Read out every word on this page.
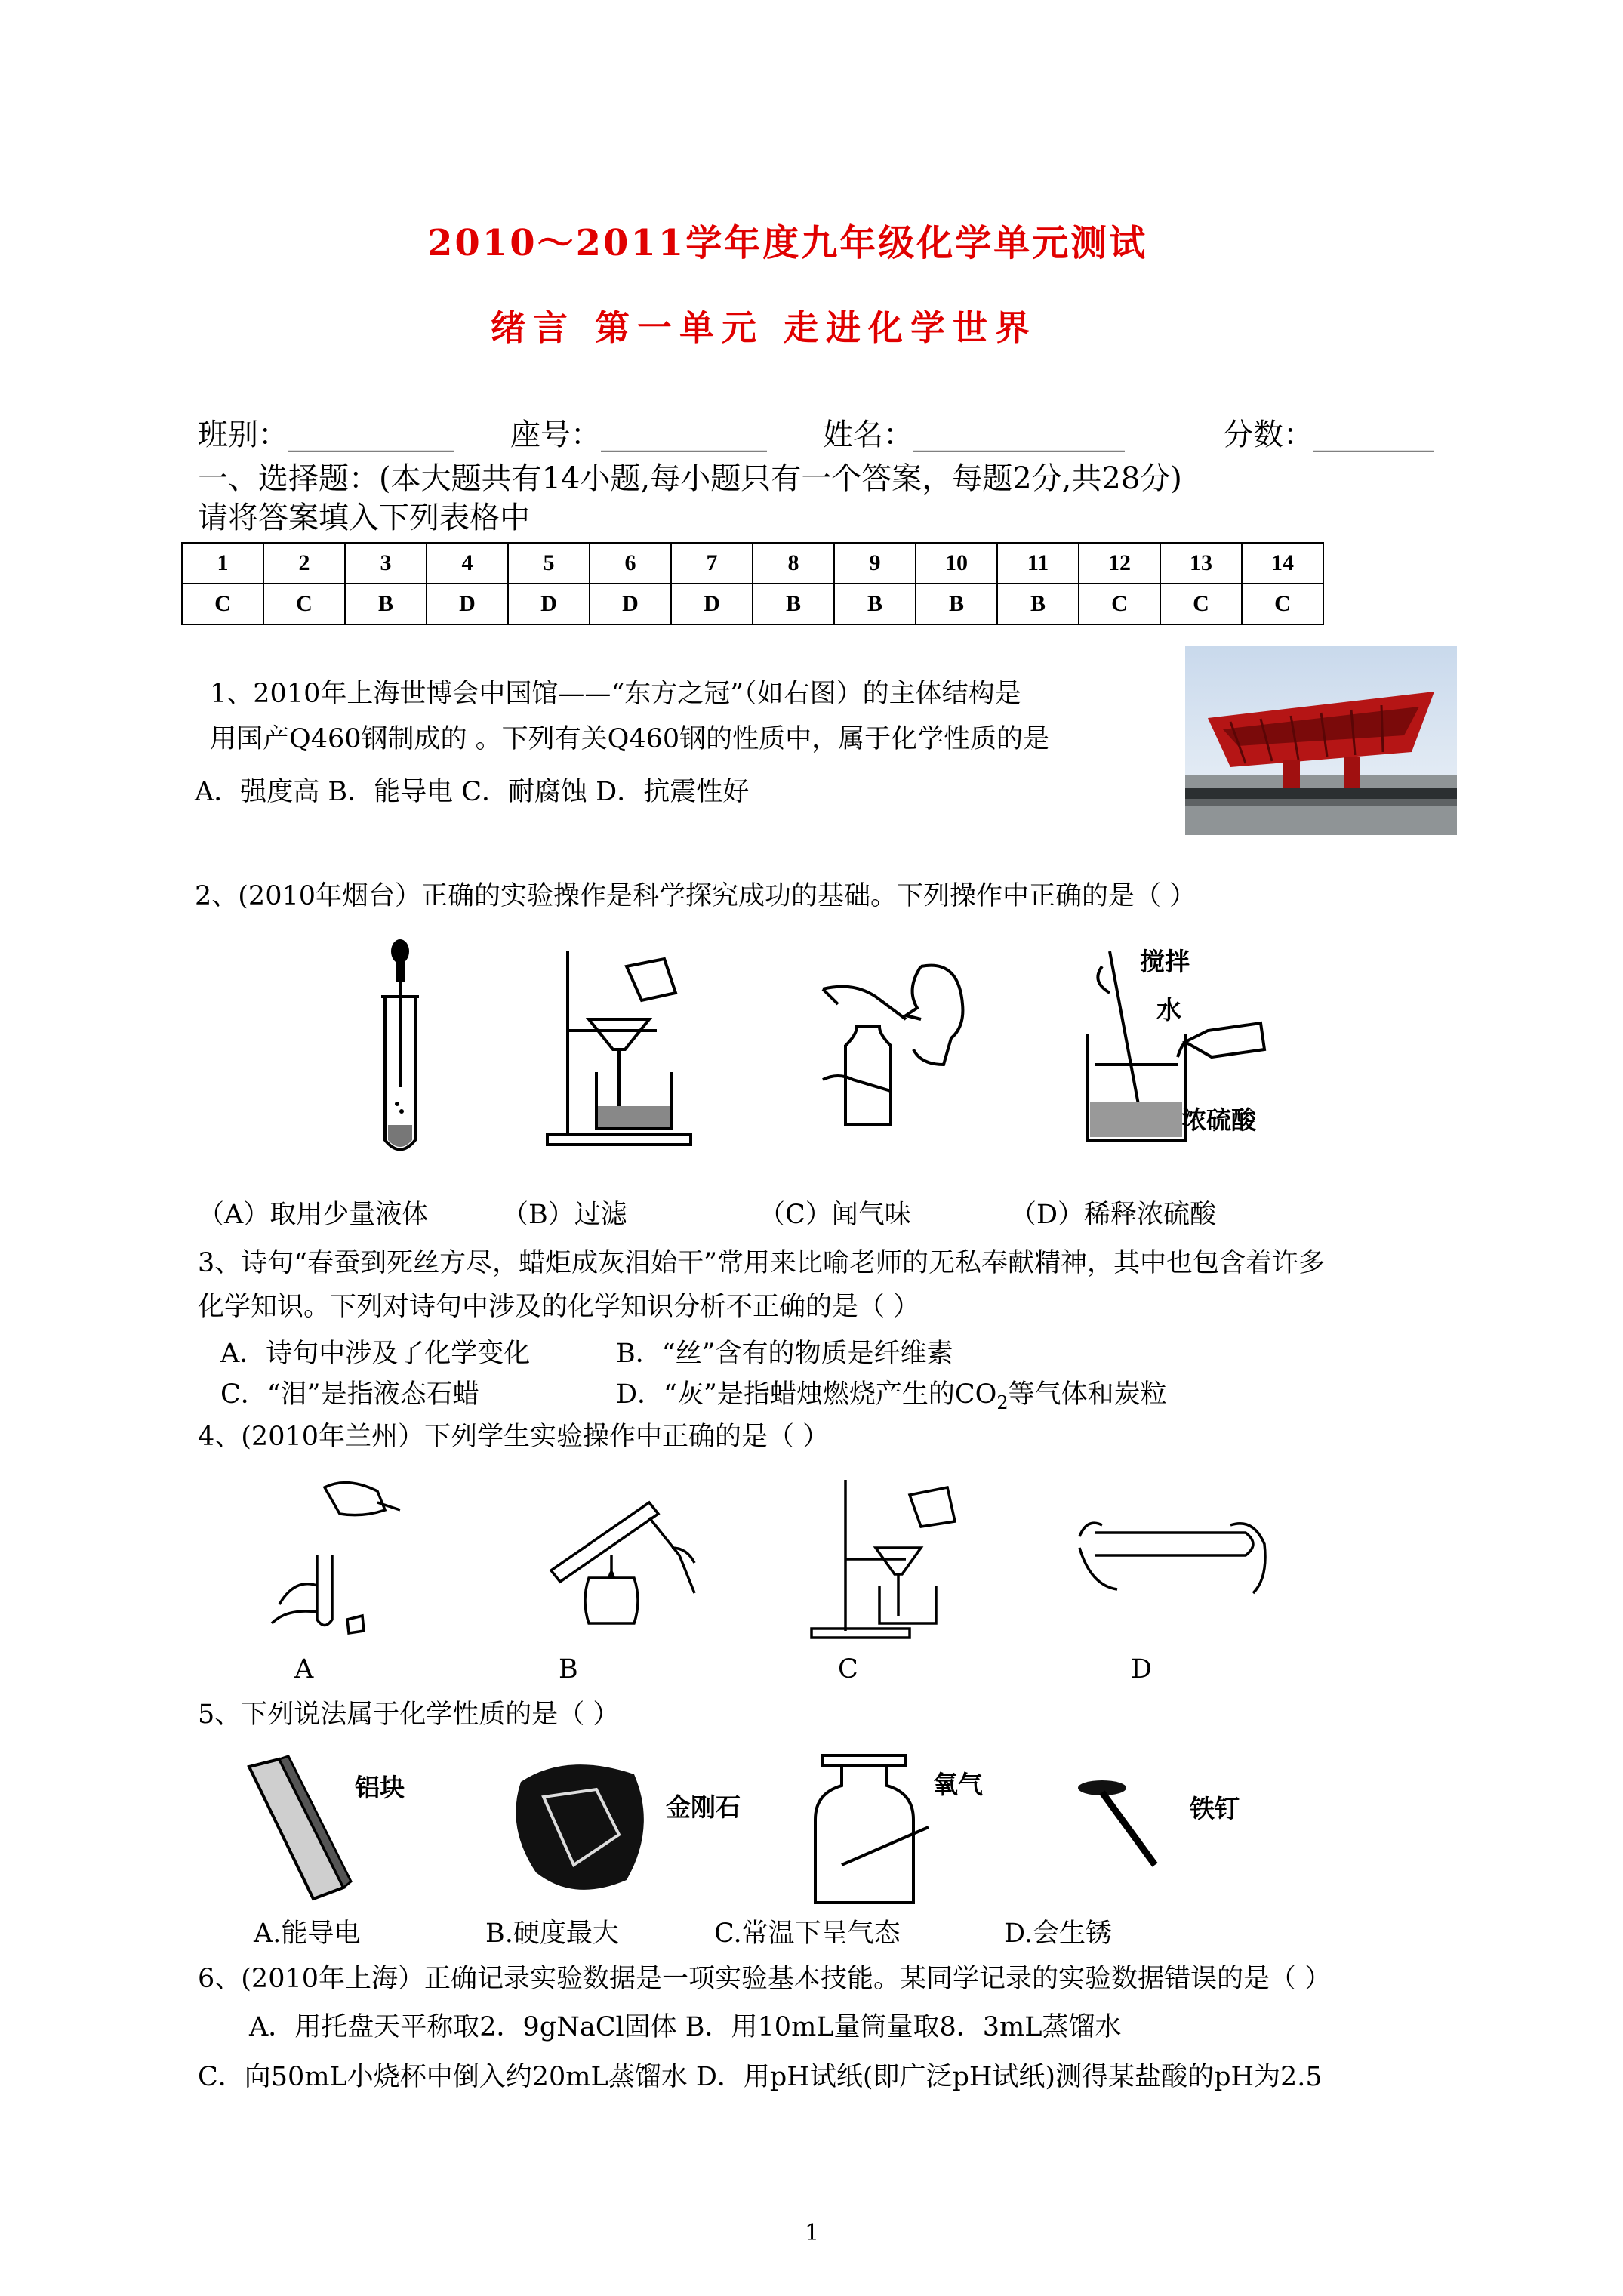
2010～2011学年度九年级化学单元测试
绪言 第一单元 走进化学世界
班别：___________ 座号：___________ 姓名：______________	分数：________
一、选择题：(本大题共有14小题,每小题只有一个答案，每题2分,共28分)
请将答案填入下列表格中
1	2	3	4	5	6	7	8	9	10	11	12	13	14
C	C	B	D	D	D	D	B	B	B	B	C	C	C
1、2010年上海世博会中国馆——“东方之冠”（如右图）的主体结构是
用国产Q460钢制成的 。下列有关Q460钢的性质中，属于化学性质的是
A．强度高 B．能导电 C．耐腐蚀 D．抗震性好
2、(2010年烟台）正确的实验操作是科学探究成功的基础。下列操作中正确的是（ ）
搅拌
水
浓硫酸
（A）取用少量液体	（B）过滤	（C）闻气味	（D）稀释浓硫酸
3、诗句“春蚕到死丝方尽，蜡炬成灰泪始干”常用来比喻老师的无私奉献精神，其中也包含着许多
化学知识。下列对诗句中涉及的化学知识分析不正确的是（ ）
A．诗句中涉及了化学变化	B．“丝”含有的物质是纤维素
C．“泪”是指液态石蜡	D．“灰”是指蜡烛燃烧产生的$CO_2$等气体和炭粒
4、(2010年兰州）下列学生实验操作中正确的是（ ）
A	B	C	D
5、下列说法属于化学性质的是（ ）
铝块
金刚石
氧气
铁钉
A.能导电	B.硬度最大	C.常温下呈气态	D.会生锈
6、(2010年上海）正确记录实验数据是一项实验基本技能。某同学记录的实验数据错误的是（ ）
A．用托盘天平称取2．9gNaCl固体 B．用10mL量筒量取8．3mL蒸馏水
C．向50mL小烧杯中倒入约20mL蒸馏水 D．用pH试纸(即广泛pH试纸)测得某盐酸的pH为2.5
1
